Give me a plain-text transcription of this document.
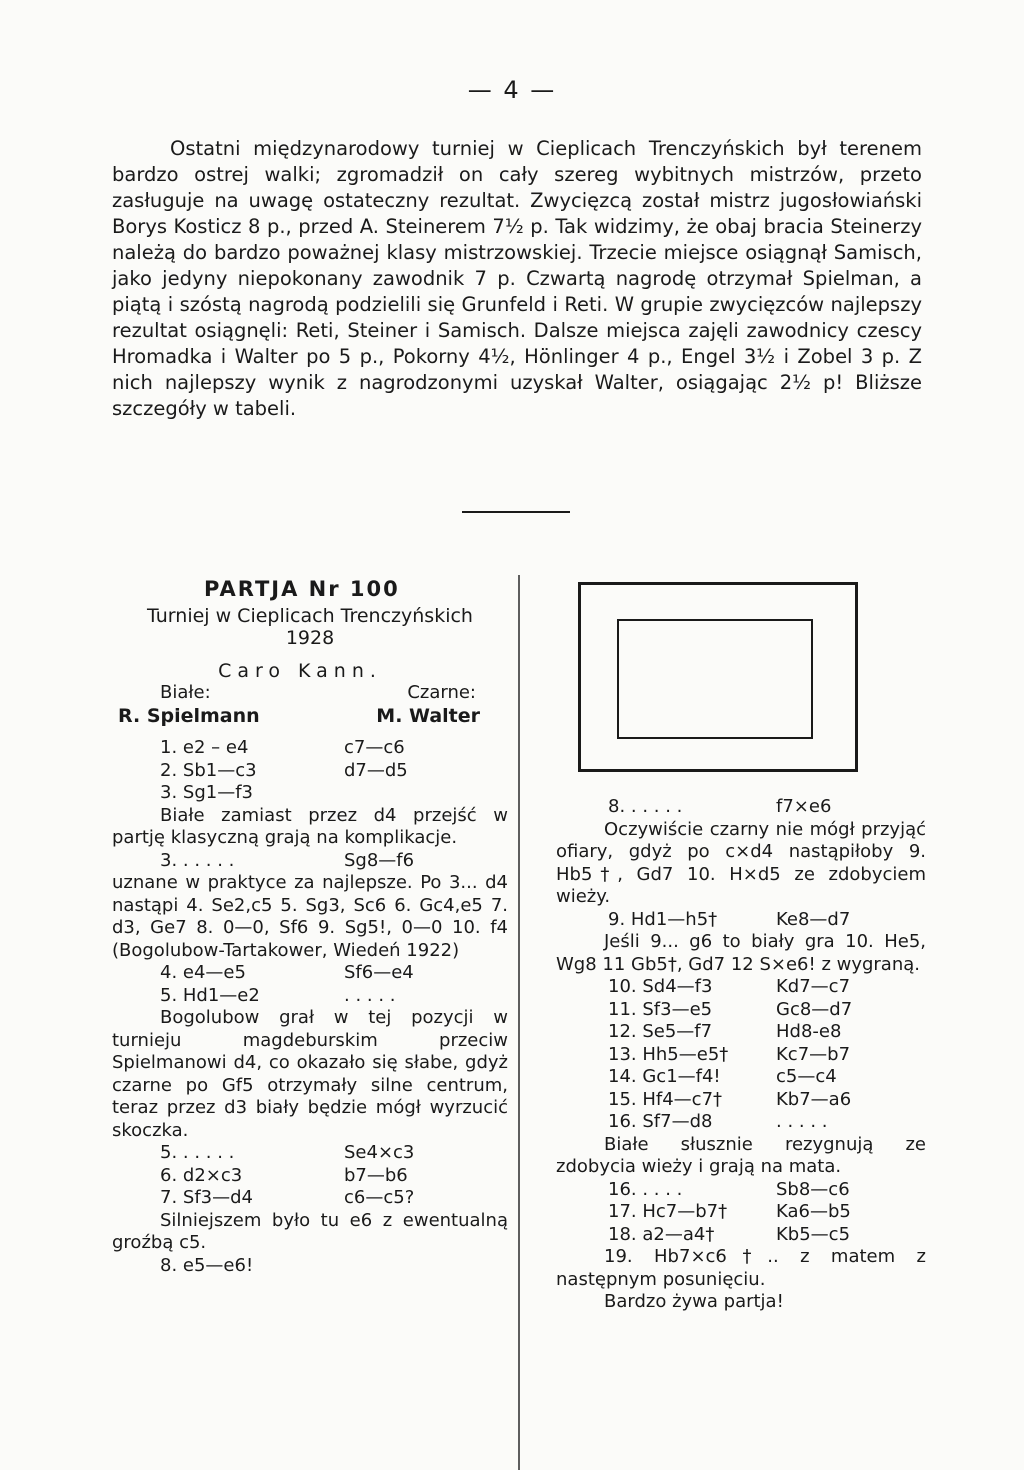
— 4 —

Ostatni międzynarodowy turniej w Cieplicach Trenczyńskich był terenem bardzo ostrej walki; zgromadził on cały szereg wybitnych mistrzów, przeto zasługuje na uwagę ostateczny rezultat. Zwycięzcą został mistrz jugosłowiański Borys Kosticz 8 p., przed A. Steinerem 7½ p. Tak widzimy, że obaj bracia Steinerzy należą do bardzo poważnej klasy mistrzowskiej. Trzecie miejsce osiągnął Samisch, jako jedyny niepokonany zawodnik 7 p. Czwartą nagrodę otrzymał Spielman, a piątą i szóstą nagrodą podzielili się Grunfeld i Reti. W grupie zwycięzców najlepszy rezultat osiągnęli: Reti, Steiner i Samisch. Dalsze miejsca zajęli zawodnicy czescy Hromadka i Walter po 5 p., Pokorny 4½, Hönlinger 4 p., Engel 3½ i Zobel 3 p. Z nich najlepszy wynik z nagrodzonymi uzyskał Walter, osiągając 2½ p! Bliższe szczegóły w tabeli.

PARTJA Nr 100
Turniej w Cieplicach Trenczyńskich
1928
Caro Kann.
Białe:	Czarne:
R. Spielmann	M. Walter
1. e2 – e4	c7—c6
2. Sb1—c3	d7—d5
3. Sg1—f3

Białe zamiast przez d4 przejść w partję klasyczną grają na komplikacje.

3. . . . . .	Sg8—f6

uznane w praktyce za najlepsze. Po 3... d4 nastąpi 4. Se2,c5 5. Sg3, Sc6 6. Gc4,e5 7. d3, Ge7 8. 0—0, Sf6 9. Sg5!, 0—0 10. f4 (Bogolubow-Tartakower, Wiedeń 1922)

4. e4—e5	Sf6—e4
5. Hd1—e2	. . . . .

Bogolubow grał w tej pozycji w turnieju magdeburskim przeciw Spielmanowi d4, co okazało się słabe, gdyż czarne po Gf5 otrzymały silne centrum, teraz przez d3 biały będzie mógł wyrzucić skoczka.

5. . . . . .	Se4×c3
6. d2×c3	b7—b6
7. Sf3—d4	c6—c5?

Silniejszem było tu e6 z ewentualną groźbą c5.

8. e5—e6!
8. . . . . .	f7×e6

Oczywiście czarny nie mógł przyjąć ofiary, gdyż po c×d4 nastąpiłoby 9. Hb5†, Gd7 10. H×d5 ze zdobyciem wieży.

9. Hd1—h5†	Ke8—d7

Jeśli 9... g6 to biały gra 10. He5, Wg8 11 Gb5†, Gd7 12 S×e6! z wygraną.

10. Sd4—f3	Kd7—c7
11. Sf3—e5	Gc8—d7
12. Se5—f7	Hd8-e8
13. Hh5—e5†	Kc7—b7
14. Gc1—f4!	c5—c4
15. Hf4—c7†	Kb7—a6
16. Sf7—d8	. . . . .

Białe słusznie rezygnują ze zdobycia wieży i grają na mata.

16. . . . .	Sb8—c6
17. Hc7—b7†	Ka6—b5
18. a2—a4†	Kb5—c5

19. Hb7×c6†.. z matem z następnym posunięciu.

Bardzo żywa partja!
